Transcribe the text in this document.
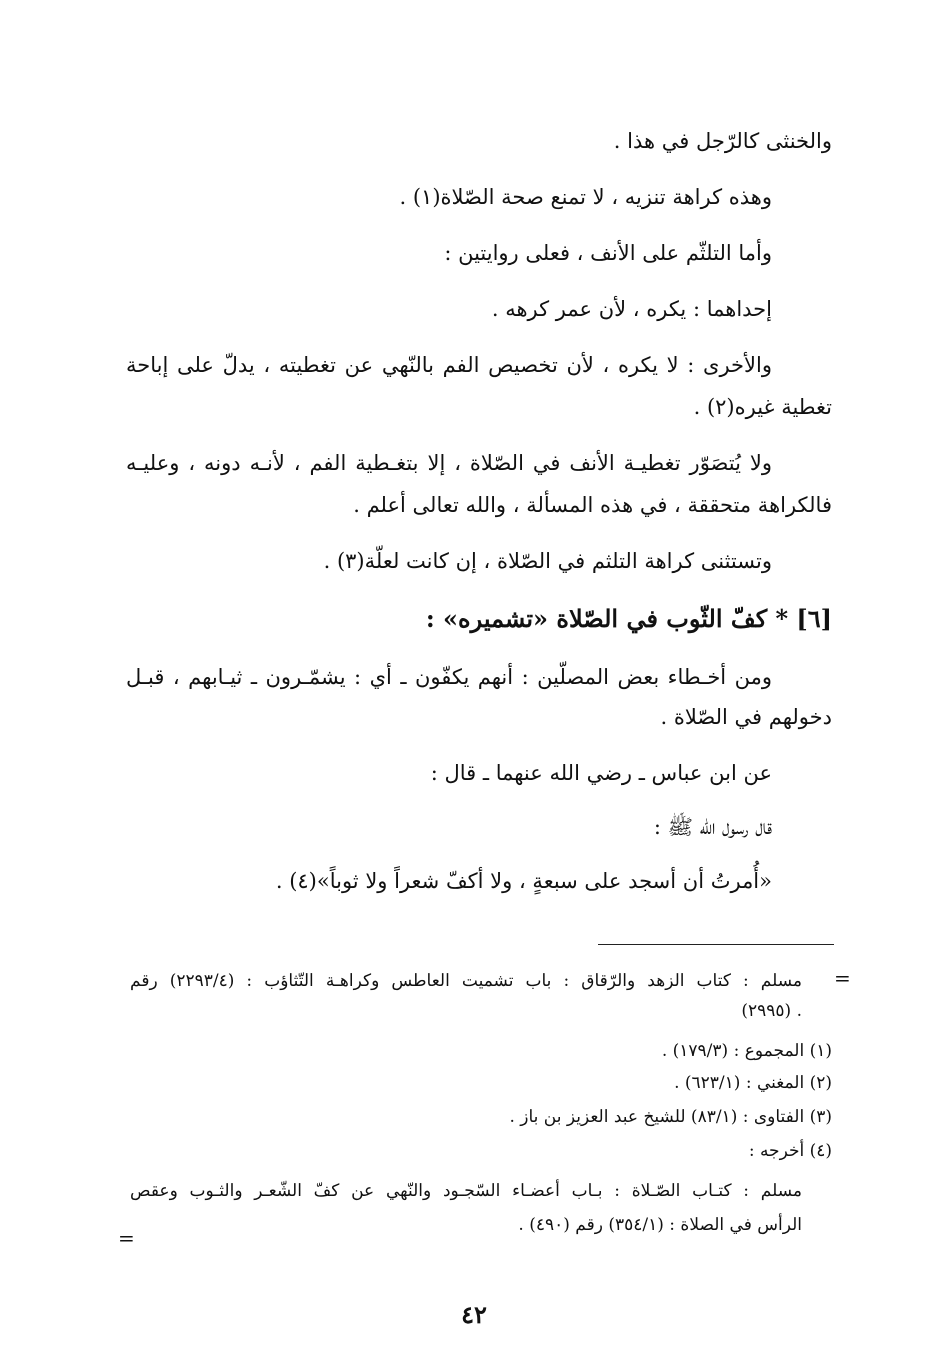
والخنثى كالرّجل في هذا .
وهذه كراهة تنزيه ، لا تمنع صحة الصّلاة(١) .
وأما التلثّم على الأنف ، فعلى روايتين :
إحداهما : يكره ، لأن عمر كرهه .
والأخرى : لا يكره ، لأن تخصيص الفم بالنّهي عن تغطيته ، يدلّ على إباحة
تغطية غيره(٢) .
ولا يُتصَوّر تغطيـة الأنف في الصّلاة ، إلا بتغـطية الفم ، لأنـه دونه ، وعليـه
فالكراهة متحققة ، في هذه المسألة ، والله تعالى أعلم .
وتستثنى كراهة التلثم في الصّلاة ، إن كانت لعلّة(٣) .
[٦] * كفّ الثّوب في الصّلاة «تشميره» :
ومن أخـطاء بعض المصلّين : أنهم يكفّون ـ أي : يشمّـرون ـ ثيـابهم ، قبـل
دخولهم في الصّلاة .
عن ابن عباس ـ رضي الله عنهما ـ قال :
قال رسول الله ﷺ :
«أُمرتُ أن أسجد على سبعةٍ ، ولا أكفّ شعراً ولا ثوباً»(٤) .
=
مسلم : كتاب الزهد والرّقاق : باب تشميت العاطس وكراهـة التّثاؤب : (٢٢٩٣/٤) رقم
(٢٩٩٥) .
(١) المجموع : (١٧٩/٣) .
(٢) المغني : (٦٢٣/١) .
(٣) الفتاوى : (٨٣/١) للشيخ عبد العزيز بن باز .
(٤) أخرجه :
مسلم : كتـاب الصّـلاة : بـاب أعضـاء السّجـود والنّهي عن كفّ الشّعـر والثـوب وعقص
الرأس في الصلاة : (٣٥٤/١) رقم (٤٩٠) .
=
٤٢
